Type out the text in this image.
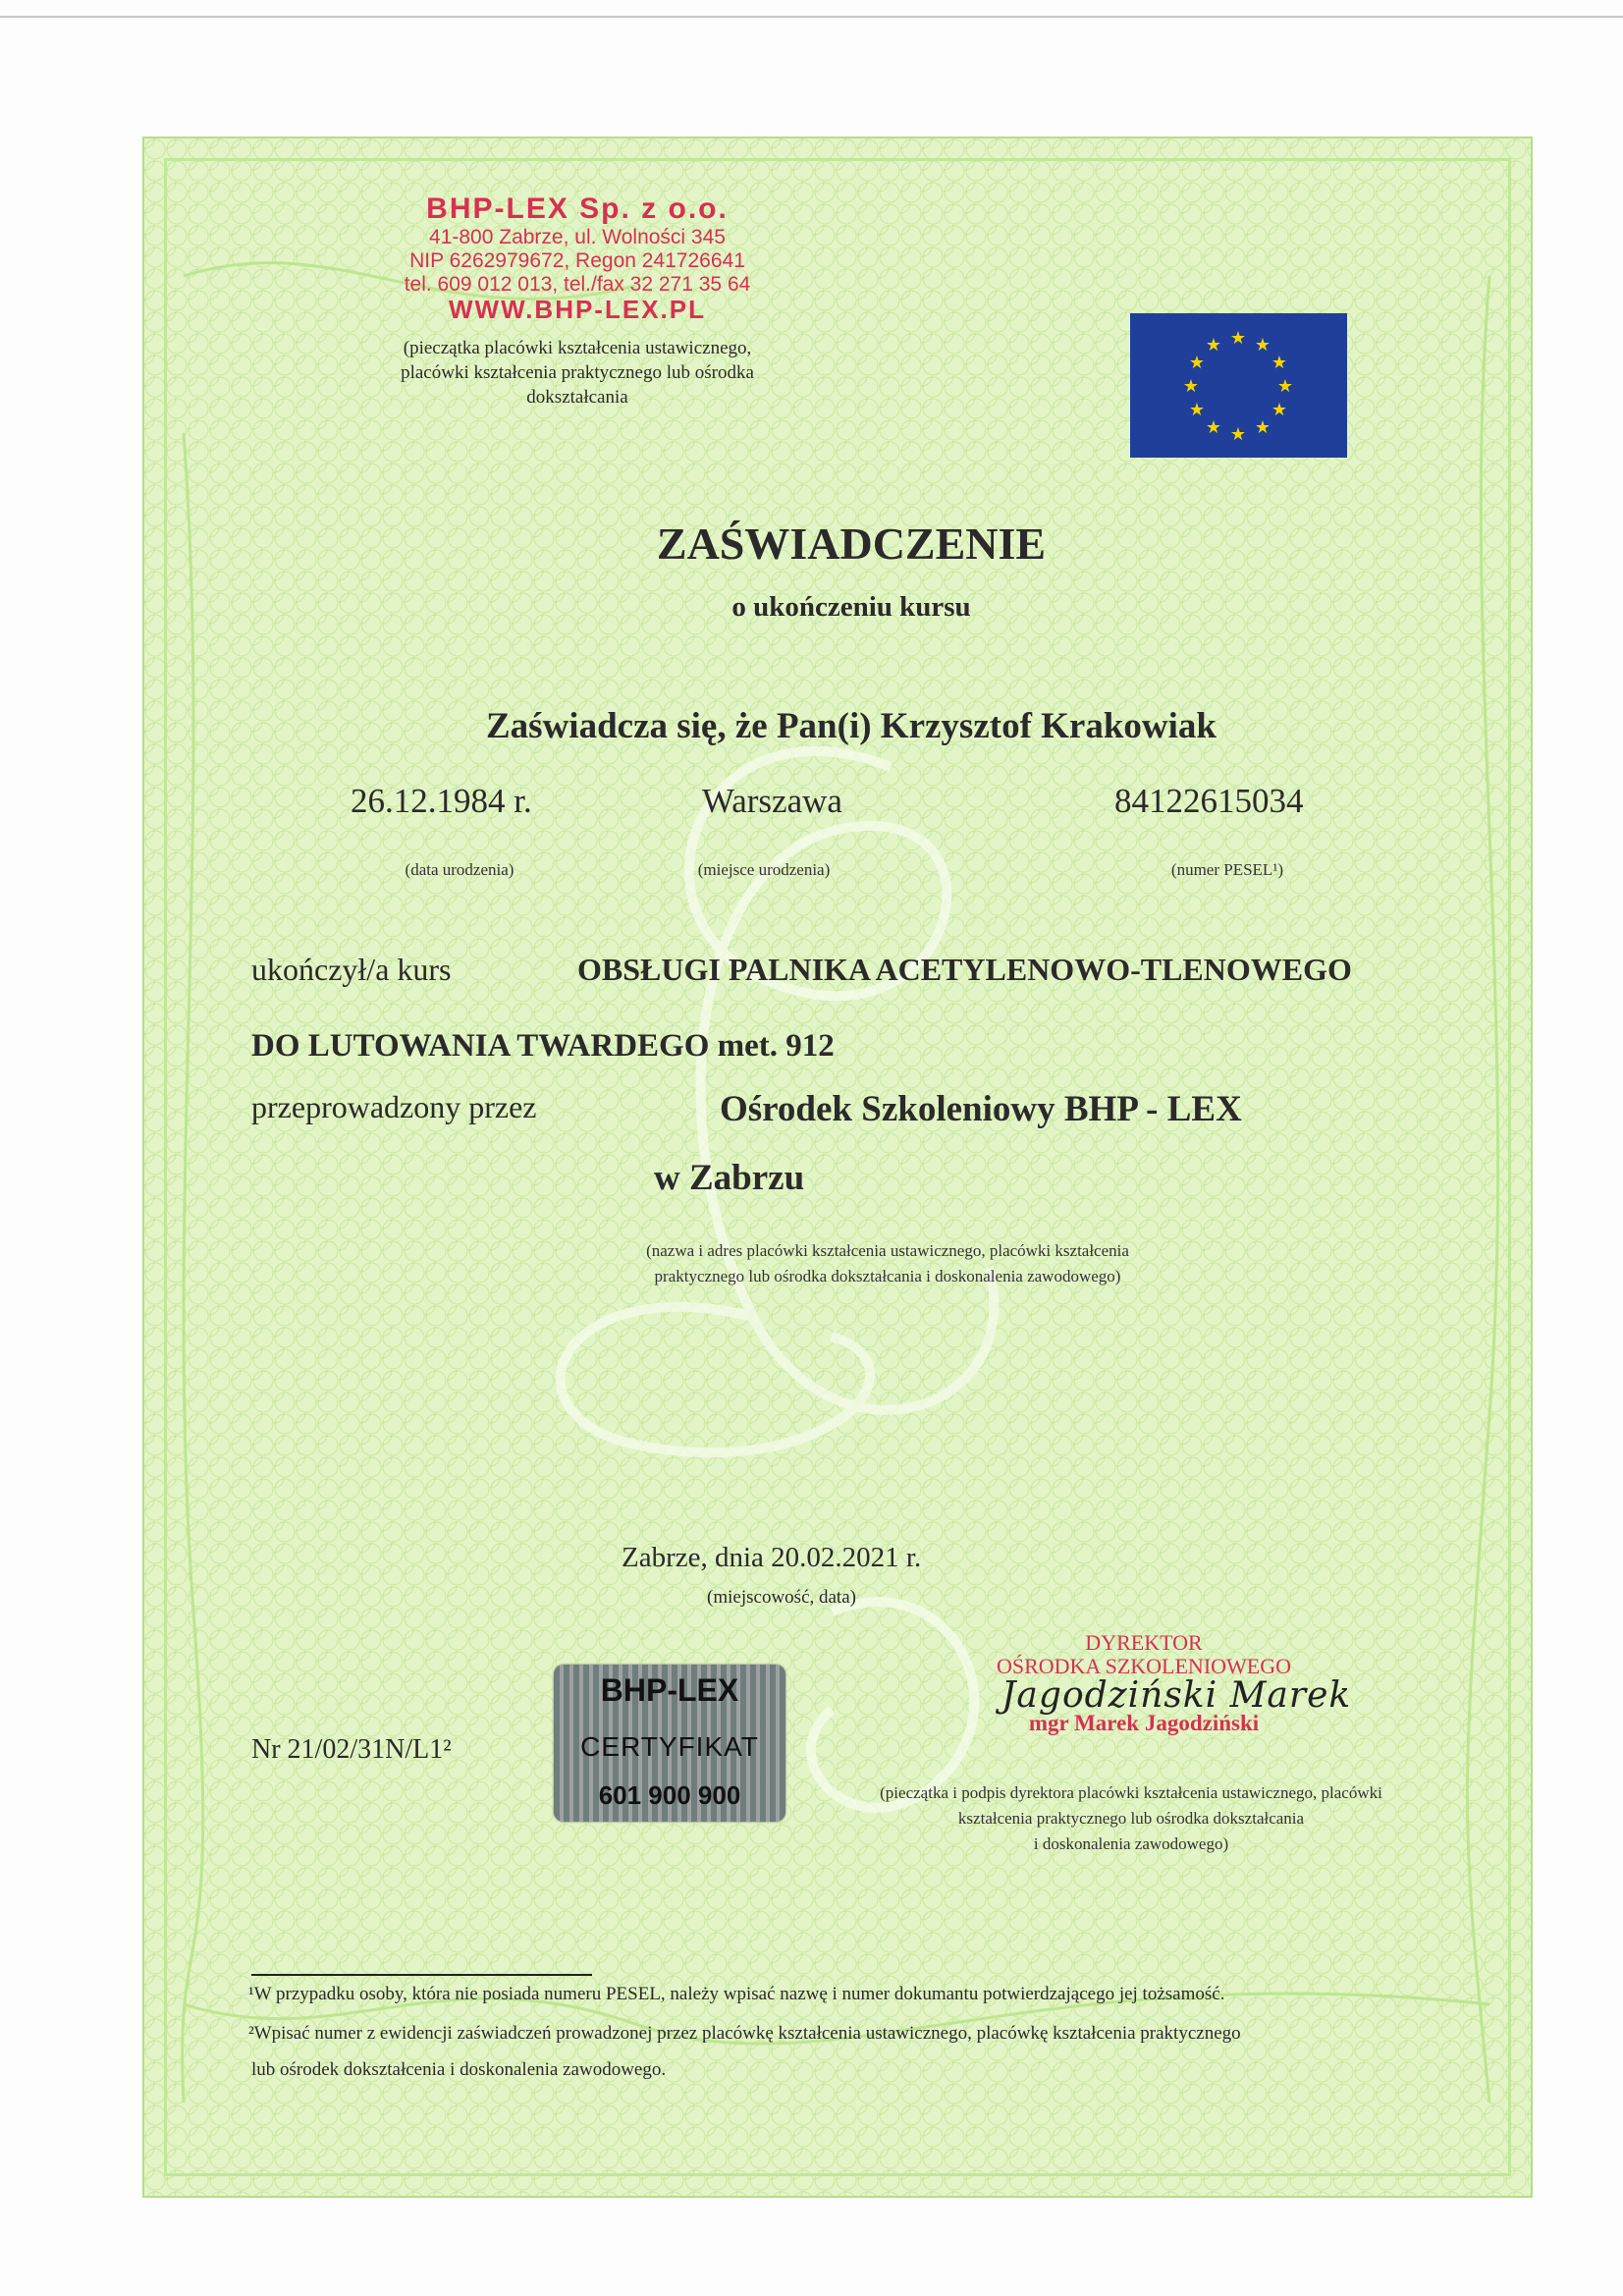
BHP-LEX Sp. z o.o.
41-800 Zabrze, ul. Wolności 345
NIP 6262979672, Regon 241726641
tel. 609 012 013, tel./fax 32 271 35 64
WWW.BHP-LEX.PL
(pieczątka placówki kształcenia ustawicznego,
placówki kształcenia praktycznego lub ośrodka
dokształcania
★ ★
★
★
★
★
★
★
★
★
★
★
ZAŚWIADCZENIE
o ukończeniu kursu
Zaświadcza się, że Pan(i) Krzysztof Krakowiak
26.12.1984 r.	Warszawa	84122615034
(data urodzenia)	(miejsce urodzenia)	(numer PESEL¹)
ukończył/a kurs	OBSŁUGI PALNIKA ACETYLENOWO-TLENOWEGO
DO LUTOWANIA TWARDEGO met. 912
przeprowadzony przez	Ośrodek Szkoleniowy BHP - LEX
w Zabrzu
(nazwa i adres placówki kształcenia ustawicznego, placówki kształcenia
praktycznego lub ośrodka dokształcania i doskonalenia zawodowego)
Zabrze, dnia 20.02.2021 r.
(miejscowość, data)
BHP-LEX
CERTYFIKAT
601 900 900
Nr 21/02/31N/L1²
DYREKTOR
OŚRODKA SZKOLENIOWEGO
mgr Marek Jagodziński
Jagodziński Marek
(pieczątka i podpis dyrektora placówki kształcenia ustawicznego, placówki
kształcenia praktycznego lub ośrodka dokształcania
i doskonalenia zawodowego)
¹W przypadku osoby, która nie posiada numeru PESEL, należy wpisać nazwę i numer dokumantu potwierdzającego jej tożsamość.
²Wpisać numer z ewidencji zaświadczeń prowadzonej przez placówkę kształcenia ustawicznego, placówkę kształcenia praktycznego
lub ośrodek dokształcenia i doskonalenia zawodowego.
